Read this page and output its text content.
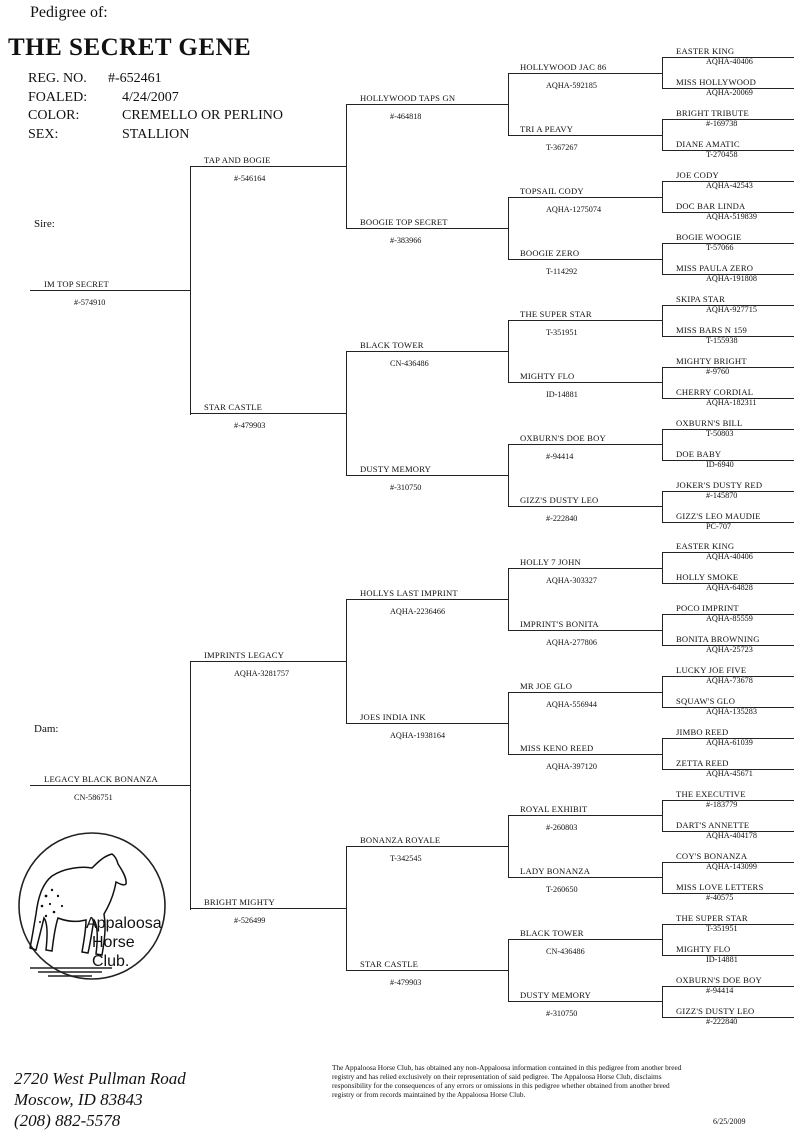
Pedigree of:
THE SECRET GENE
REG. NO. #-652461
FOALED: 4/24/2007
COLOR:	CREMELLO OR PERLINO
SEX:	STALLION
Sire:
Dam:
IM TOP SECRET
#-574910
LEGACY BLACK BONANZA
CN-586751
TAP AND BOGIE
#-546164
STAR CASTLE
#-479903
IMPRINTS LEGACY
AQHA-3281757
BRIGHT MIGHTY
#-526499
HOLLYWOOD TAPS GN
#-464818
BOOGIE TOP SECRET
#-383966
BLACK TOWER
CN-436486
DUSTY MEMORY
#-310750
HOLLYS LAST IMPRINT
AQHA-2236466
JOES INDIA INK
AQHA-1938164
BONANZA ROYALE
T-342545
STAR CASTLE
#-479903
HOLLYWOOD JAC 86
AQHA-592185
TRI A PEAVY
T-367267
TOPSAIL CODY
AQHA-1275074
BOOGIE ZERO
T-114292
THE SUPER STAR
T-351951
MIGHTY FLO
ID-14881
OXBURN'S DOE BOY
#-94414
GIZZ'S DUSTY LEO
#-222840
HOLLY 7 JOHN
AQHA-303327
IMPRINT'S BONITA
AQHA-277806
MR JOE GLO
AQHA-556944
MISS KENO REED
AQHA-397120
ROYAL EXHIBIT
#-260803
LADY BONANZA
T-260650
BLACK TOWER
CN-436486
DUSTY MEMORY
#-310750
EASTER KING
AQHA-40406
MISS HOLLYWOOD
AQHA-20069
BRIGHT TRIBUTE
#-169738
DIANE AMATIC
T-270458
JOE CODY
AQHA-42543
DOC BAR LINDA
AQHA-519839
BOGIE WOOGIE
T-57066
MISS PAULA ZERO
AQHA-191808
SKIPA STAR
AQHA-927715
MISS BARS N 159
T-155938
MIGHTY BRIGHT
#-9760
CHERRY CORDIAL
AQHA-182311
OXBURN'S BILL
T-50803
DOE BABY
ID-6940
JOKER'S DUSTY RED
#-145870
GIZZ'S LEO MAUDIE
PC-707
EASTER KING
AQHA-40406
HOLLY SMOKE
AQHA-64828
POCO IMPRINT
AQHA-85559
BONITA BROWNING
AQHA-25723
LUCKY JOE FIVE
AQHA-73678
SQUAW'S GLO
AQHA-135283
JIMBO REED
AQHA-61039
ZETTA REED
AQHA-45671
THE EXECUTIVE
#-183779
DART'S ANNETTE
AQHA-404178
COY'S BONANZA
AQHA-143099
MISS LOVE LETTERS
#-40575
THE SUPER STAR
T-351951
MIGHTY FLO
ID-14881
OXBURN'S DOE BOY
#-94414
GIZZ'S DUSTY LEO
#-222840
Appaloosa
Horse
Club.
2720 West Pullman Road
Moscow, ID 83843
(208) 882-5578
The Appaloosa Horse Club, has obtained any non-Appaloosa information contained in this pedigree from another breed registry and has relied exclusively on their representation of said pedigree. The Appaloosa Horse Club, disclaims responsibility for the consequences of any errors or omissions in this pedigree whether obtained from another breed registry or from records maintained by the Appaloosa Horse Club.
6/25/2009
